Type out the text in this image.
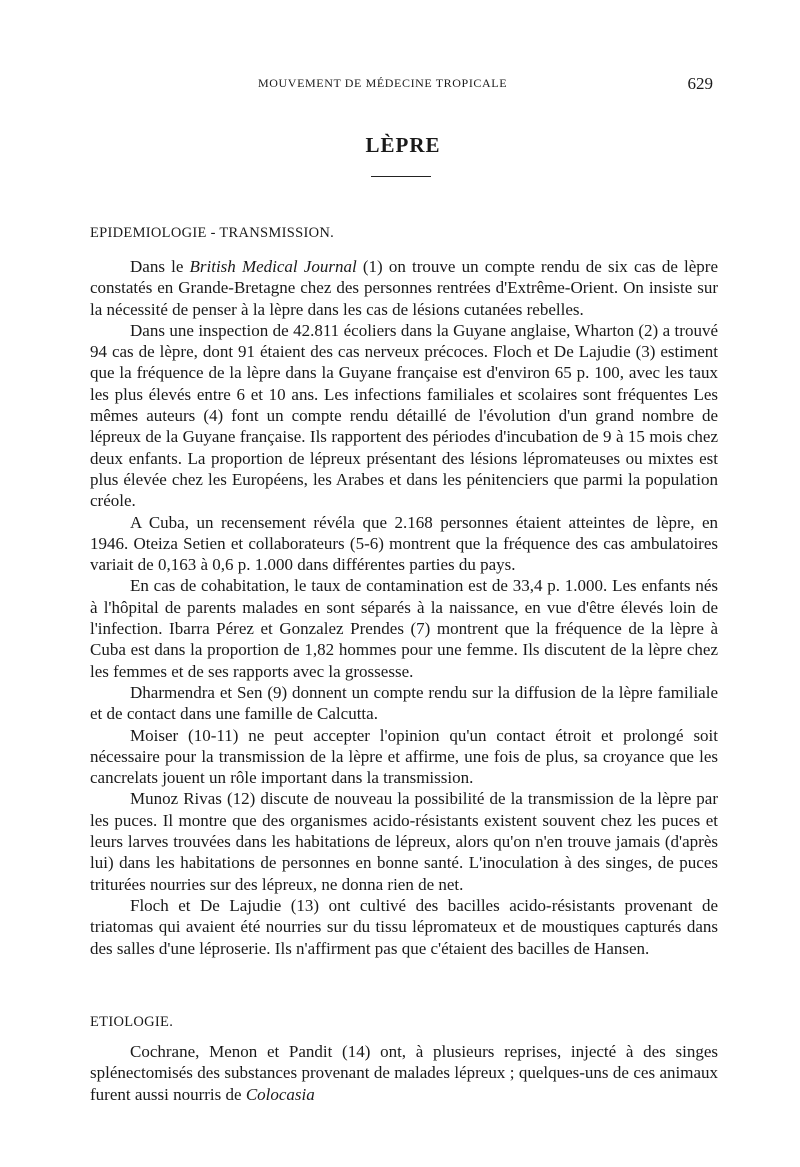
MOUVEMENT DE MÉDECINE TROPICALE	629
LÈPRE
EPIDEMIOLOGIE - TRANSMISSION.

Dans le British Medical Journal (1) on trouve un compte rendu de six cas de lèpre constatés en Grande-Bretagne chez des personnes rentrées d'Extrême-Orient. On insiste sur la nécessité de penser à la lèpre dans les cas de lésions cutanées rebelles.

Dans une inspection de 42.811 écoliers dans la Guyane anglaise, Wharton (2) a trouvé 94 cas de lèpre, dont 91 étaient des cas nerveux précoces. Floch et De Lajudie (3) estiment que la fréquence de la lèpre dans la Guyane française est d'environ 65 p. 100, avec les taux les plus élevés entre 6 et 10 ans. Les infections familiales et scolaires sont fréquentes Les mêmes auteurs (4) font un compte rendu détaillé de l'évolution d'un grand nombre de lépreux de la Guyane française. Ils rapportent des périodes d'incubation de 9 à 15 mois chez deux enfants. La proportion de lépreux présentant des lésions lépromateuses ou mixtes est plus élevée chez les Européens, les Arabes et dans les pénitenciers que parmi la population créole.

A Cuba, un recensement révéla que 2.168 personnes étaient atteintes de lèpre, en 1946. Oteiza Setien et collaborateurs (5-6) montrent que la fréquence des cas ambulatoires variait de 0,163 à 0,6 p. 1.000 dans différentes parties du pays.

En cas de cohabitation, le taux de contamination est de 33,4 p. 1.000. Les enfants nés à l'hôpital de parents malades en sont séparés à la naissance, en vue d'être élevés loin de l'infection. Ibarra Pérez et Gonzalez Prendes (7) montrent que la fréquence de la lèpre à Cuba est dans la proportion de 1,82 hommes pour une femme. Ils discutent de la lèpre chez les femmes et de ses rapports avec la grossesse.

Dharmendra et Sen (9) donnent un compte rendu sur la diffusion de la lèpre familiale et de contact dans une famille de Calcutta.

Moiser (10-11) ne peut accepter l'opinion qu'un contact étroit et prolongé soit nécessaire pour la transmission de la lèpre et affirme, une fois de plus, sa croyance que les cancrelats jouent un rôle important dans la transmission.

Munoz Rivas (12) discute de nouveau la possibilité de la transmission de la lèpre par les puces. Il montre que des organismes acido-résistants existent souvent chez les puces et leurs larves trouvées dans les habitations de lépreux, alors qu'on n'en trouve jamais (d'après lui) dans les habitations de personnes en bonne santé. L'inoculation à des singes, de puces triturées nourries sur des lépreux, ne donna rien de net.

Floch et De Lajudie (13) ont cultivé des bacilles acido-résistants provenant de triatomas qui avaient été nourries sur du tissu lépromateux et de moustiques capturés dans des salles d'une léproserie. Ils n'affirment pas que c'étaient des bacilles de Hansen.

ETIOLOGIE.

Cochrane, Menon et Pandit (14) ont, à plusieurs reprises, injecté à des singes splénectomisés des substances provenant de malades lépreux ; quelques-uns de ces animaux furent aussi nourris de Colocasia
